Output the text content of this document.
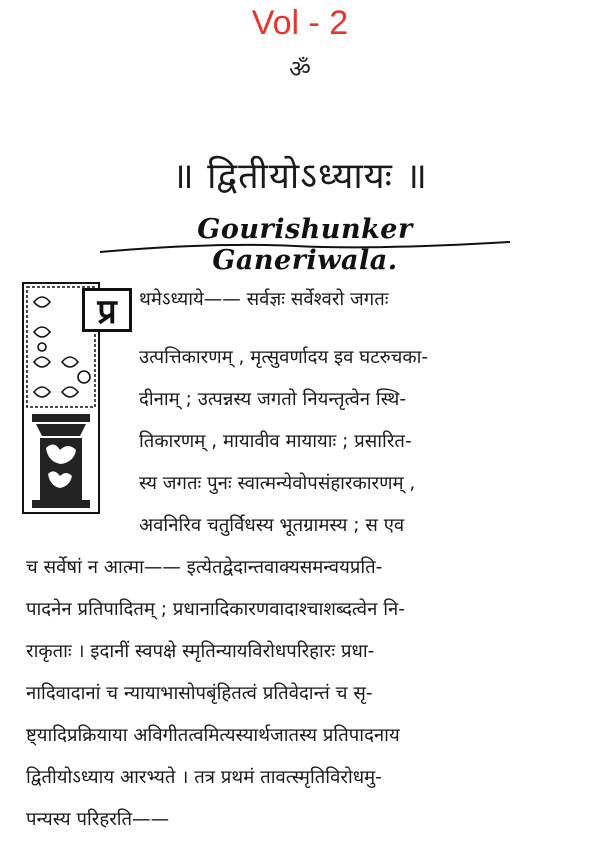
Vol - 2
ॐ
॥ द्वितीयोऽध्यायः ॥
Gourishunker Ganeriwala.
प्र	थमेऽध्याये—— सर्वज्ञः सर्वेश्वरो जगतः
उत्पत्तिकारणम् , मृत्सुवर्णादय इव घटरुचका-
दीनाम् ; उत्पन्नस्य जगतो नियन्तृत्वेन स्थि-
तिकारणम् , मायावीव मायायाः ; प्रसारित-
स्य जगतः पुनः स्वात्मन्येवोपसंहारकारणम् ,
अवनिरिव चतुर्विधस्य भूतग्रामस्य ; स एव
च सर्वेषां न आत्मा—— इत्येतद्वेदान्तवाक्यसमन्वयप्रति-
पादनेन प्रतिपादितम् ; प्रधानादिकारणवादाश्चाशब्दत्वेन नि-
राकृताः । इदानीं स्वपक्षे स्मृतिन्यायविरोधपरिहारः प्रधा-
नादिवादानां च न्यायाभासोपबृंहितत्वं प्रतिवेदान्तं च सृ-
ष्ट्यादिप्रक्रियाया अविगीतत्वमित्यस्यार्थजातस्य प्रतिपादनाय
द्वितीयोऽध्याय आरभ्यते । तत्र प्रथमं तावत्स्मृतिविरोधमु-
पन्यस्य परिहरति——
